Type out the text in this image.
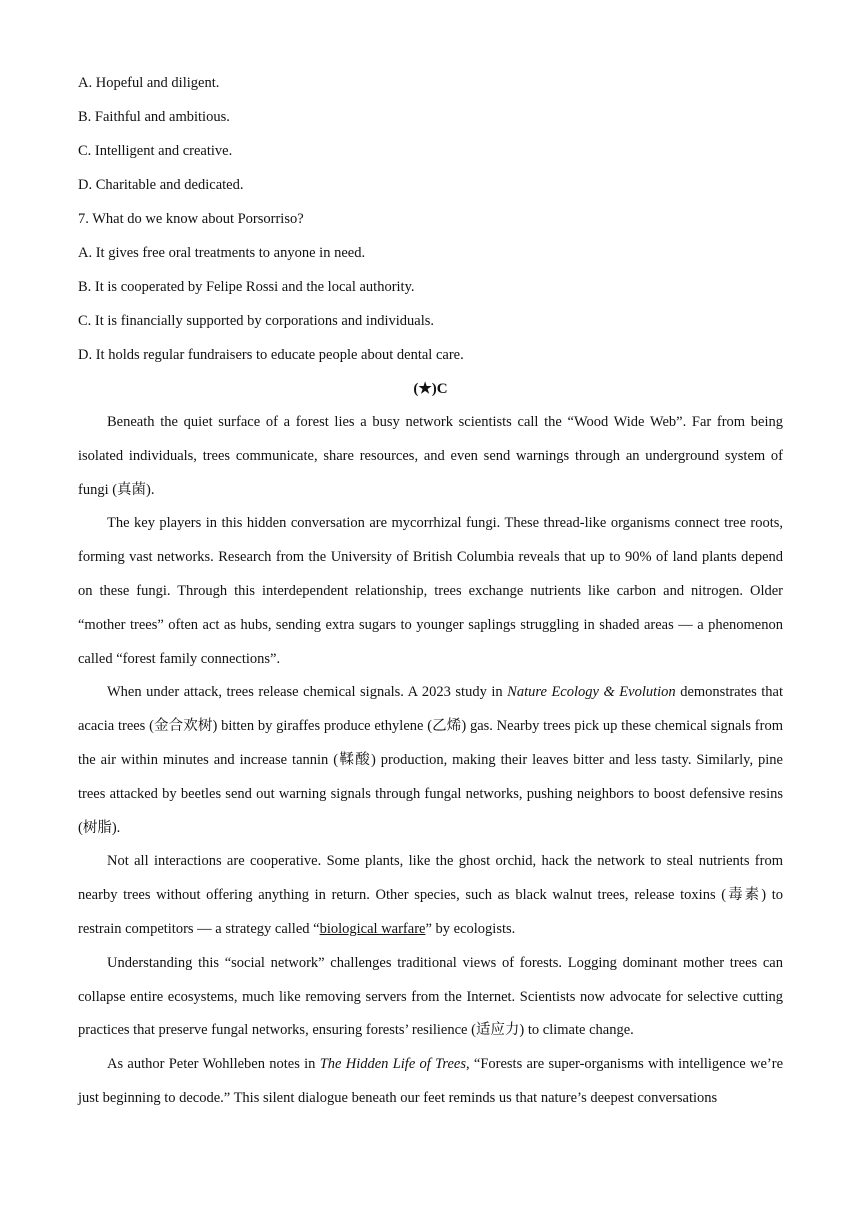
A. Hopeful and diligent.
B. Faithful and ambitious.
C. Intelligent and creative.
D. Charitable and dedicated.
7. What do we know about Porsorriso?
A. It gives free oral treatments to anyone in need.
B. It is cooperated by Felipe Rossi and the local authority.
C. It is financially supported by corporations and individuals.
D. It holds regular fundraisers to educate people about dental care.
(★)C

Beneath the quiet surface of a forest lies a busy network scientists call the “Wood Wide Web”. Far from being isolated individuals, trees communicate, share resources, and even send warnings through an underground system of fungi (真菌).

The key players in this hidden conversation are mycorrhizal fungi. These thread-like organisms connect tree roots, forming vast networks. Research from the University of British Columbia reveals that up to 90% of land plants depend on these fungi. Through this interdependent relationship, trees exchange nutrients like carbon and nitrogen. Older “mother trees” often act as hubs, sending extra sugars to younger saplings struggling in shaded areas — a phenomenon called “forest family connections”.

When under attack, trees release chemical signals. A 2023 study in Nature Ecology & Evolution demonstrates that acacia trees (金合欢树) bitten by giraffes produce ethylene (乙烯) gas. Nearby trees pick up these chemical signals from the air within minutes and increase tannin (鞣酸) production, making their leaves bitter and less tasty. Similarly, pine trees attacked by beetles send out warning signals through fungal networks, pushing neighbors to boost defensive resins (树脂).

Not all interactions are cooperative. Some plants, like the ghost orchid, hack the network to steal nutrients from nearby trees without offering anything in return. Other species, such as black walnut trees, release toxins (毒素) to restrain competitors — a strategy called “biological warfare” by ecologists.

Understanding this “social network” challenges traditional views of forests. Logging dominant mother trees can collapse entire ecosystems, much like removing servers from the Internet. Scientists now advocate for selective cutting practices that preserve fungal networks, ensuring forests’ resilience (适应力) to climate change.

As author Peter Wohlleben notes in The Hidden Life of Trees, “Forests are super-organisms with intelligence we’re just beginning to decode.” This silent dialogue beneath our feet reminds us that nature’s deepest conversations
